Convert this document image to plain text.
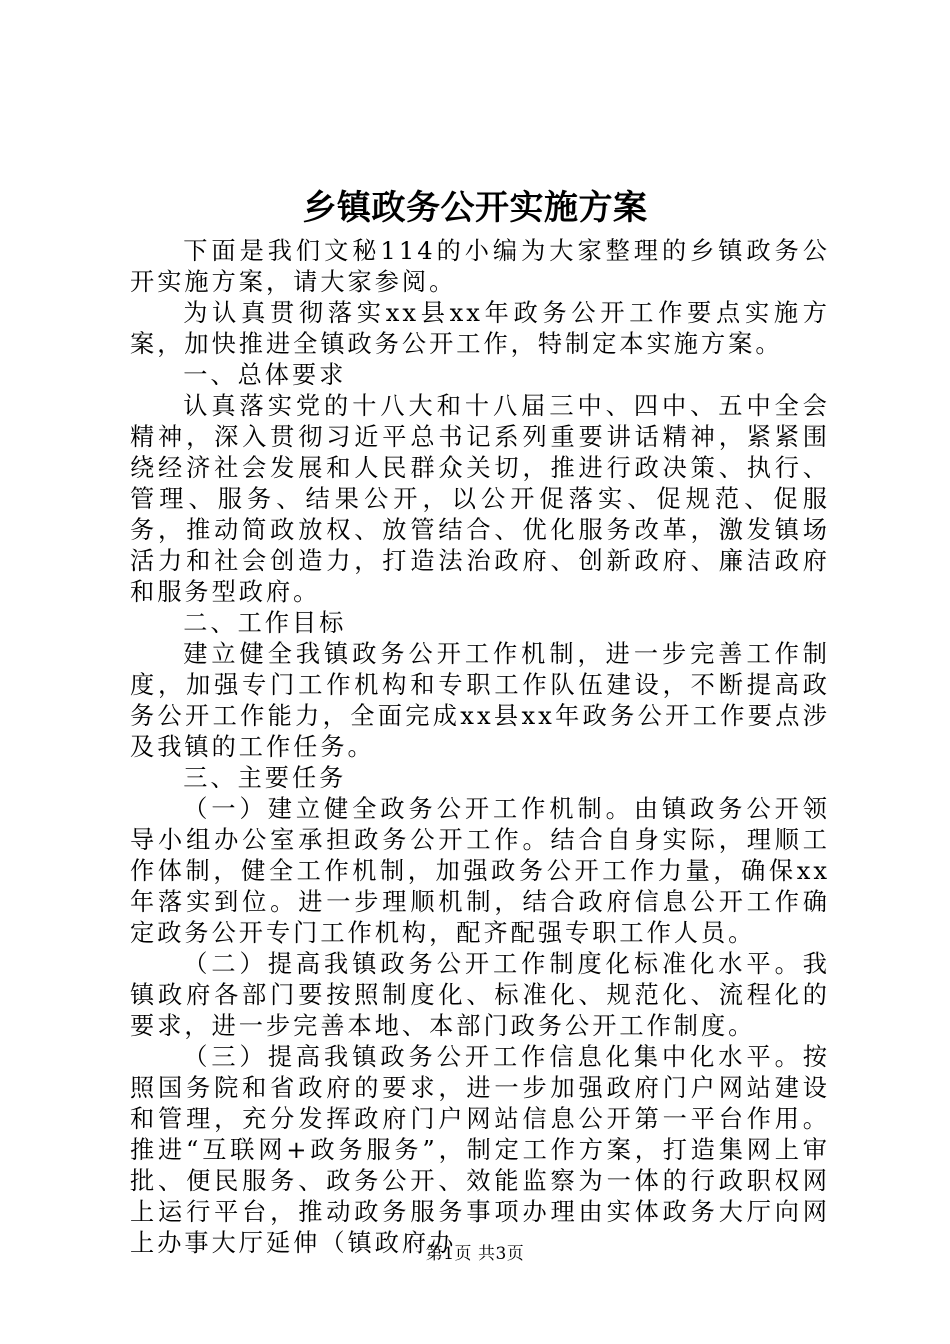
乡镇政务公开实施方案

下面是我们文秘114的小编为大家整理的乡镇政务公开实施方案，请大家参阅。

为认真贯彻落实xx县xx年政务公开工作要点实施方案，加快推进全镇政务公开工作，特制定本实施方案。

一、总体要求

认真落实党的十八大和十八届三中、四中、五中全会精神，深入贯彻习近平总书记系列重要讲话精神，紧紧围绕经济社会发展和人民群众关切，推进行政决策、执行、管理、服务、结果公开，以公开促落实、促规范、促服务，推动简政放权、放管结合、优化服务改革，激发镇场活力和社会创造力，打造法治政府、创新政府、廉洁政府和服务型政府。

二、工作目标

建立健全我镇政务公开工作机制，进一步完善工作制度，加强专门工作机构和专职工作队伍建设，不断提高政务公开工作能力，全面完成xx县xx年政务公开工作要点涉及我镇的工作任务。

三、主要任务

（一）建立健全政务公开工作机制。由镇政务公开领导小组办公室承担政务公开工作。结合自身实际，理顺工作体制，健全工作机制，加强政务公开工作力量，确保xx年落实到位。进一步理顺机制，结合政府信息公开工作确定政务公开专门工作机构，配齐配强专职工作人员。

（二）提高我镇政务公开工作制度化标准化水平。我镇政府各部门要按照制度化、标准化、规范化、流程化的要求，进一步完善本地、本部门政务公开工作制度。

（三）提高我镇政务公开工作信息化集中化水平。按照国务院和省政府的要求，进一步加强政府门户网站建设和管理，充分发挥政府门户网站信息公开第一平台作用。推进“互联网+政务服务”，制定工作方案，打造集网上审批、便民服务、政务公开、效能监察为一体的行政职权网上运行平台，推动政务服务事项办理由实体政务大厅向网上办事大厅延伸（镇政府办

第1页 共3页
